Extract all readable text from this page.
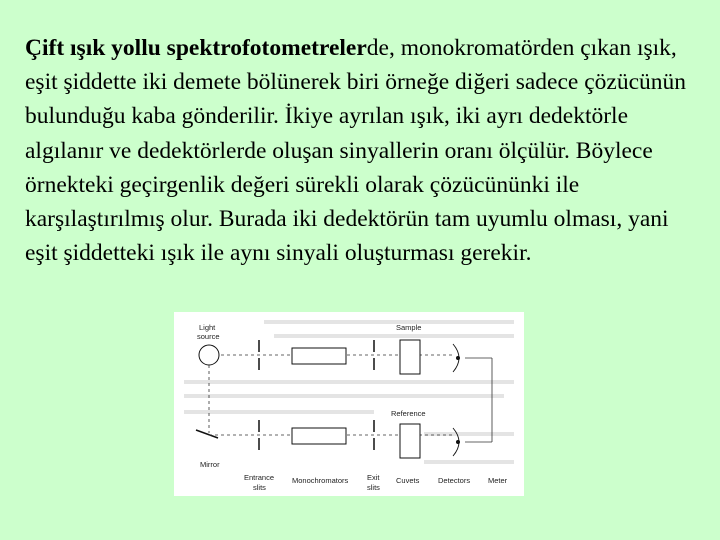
Çift ışık yollu spektrofotometrelerde, monokromatörden çıkan ışık, eşit şiddette iki demete bölünerek biri örneğe diğeri sadece çözücünün bulunduğu kaba gönderilir. İkiye ayrılan ışık, iki ayrı dedektörle algılanır ve dedektörlerde oluşan sinyallerin oranı ölçülür. Böylece örnekteki geçirgenlik değeri sürekli olarak çözücününki ile karşılaştırılmış olur. Burada iki dedektörün tam uyumlu olması, yani eşit şiddetteki ışık ile aynı sinyali oluşturması gerekir.

Light
source
Sample
Mirror
Reference
Entrance
slits
Monochromators Exit
slits
Cuvets Detectors Meter
